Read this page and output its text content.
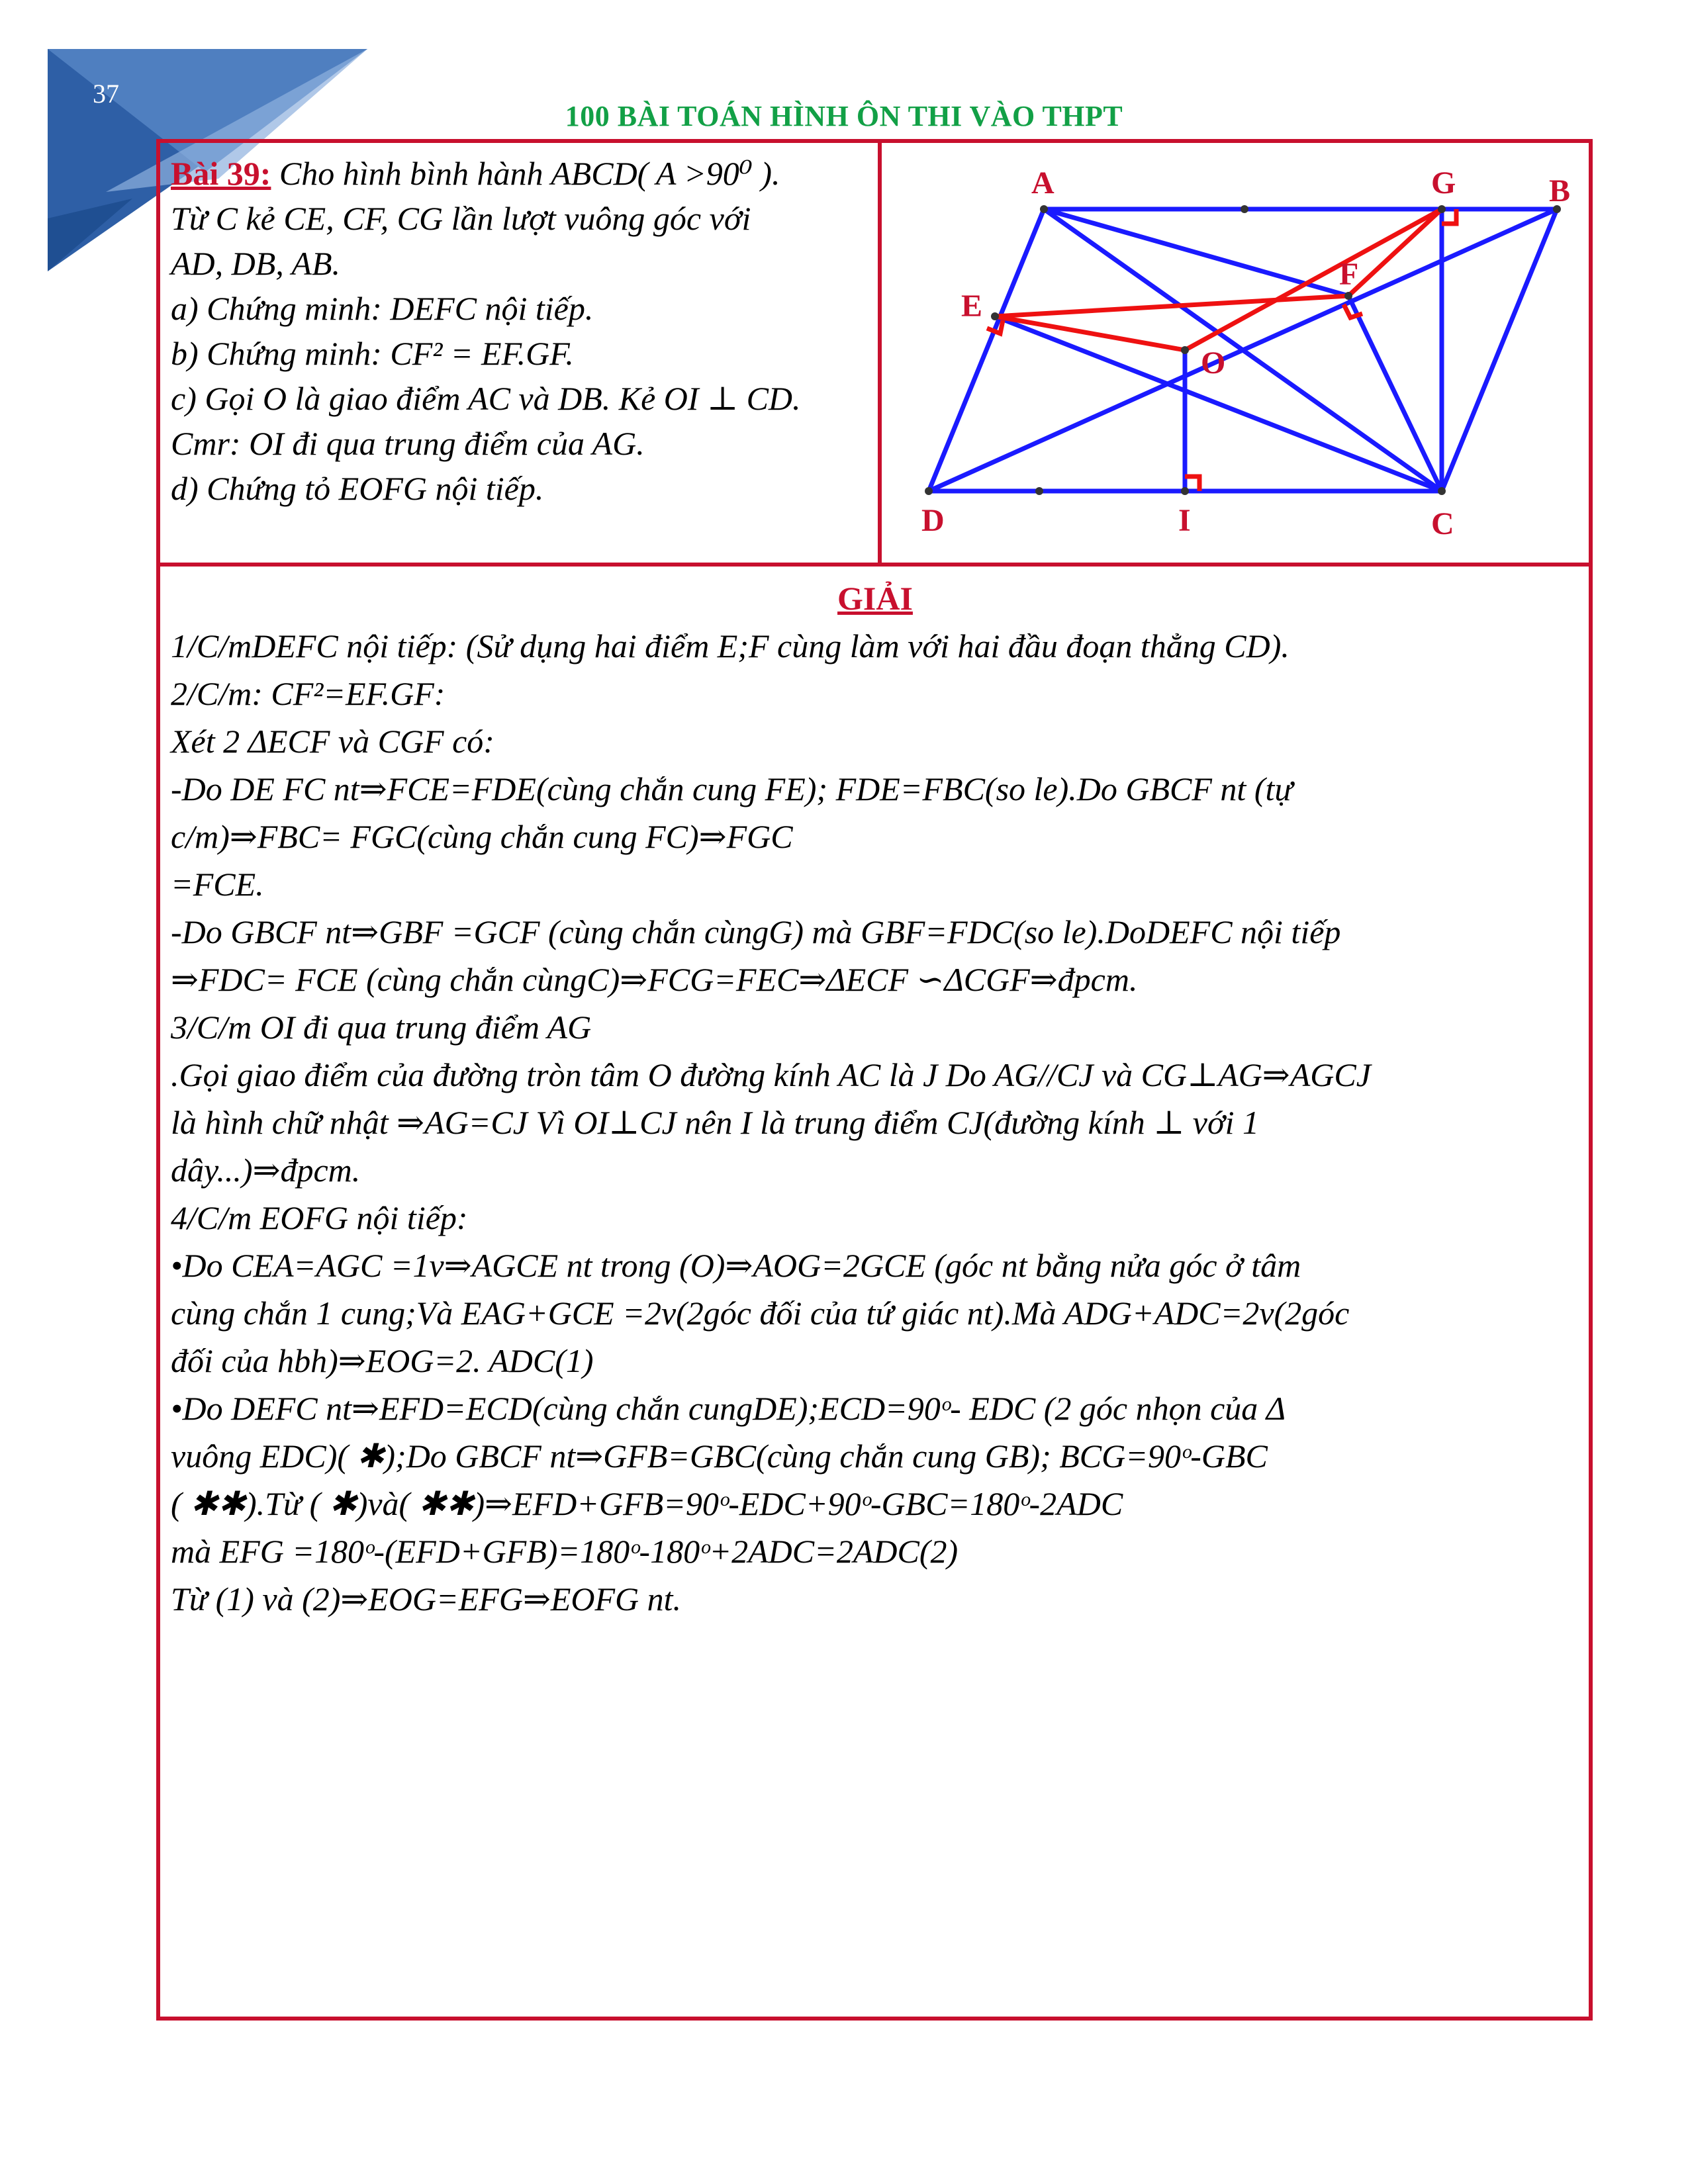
37
100 BÀI TOÁN HÌNH ÔN THI VÀO THPT

Bài 39: Cho hình bình hành ABCD( A >90⁰ ).

Từ C kẻ CE, CF, CG lần lượt vuông góc với

AD, DB, AB.

a) Chứng minh: DEFC nội tiếp.

b) Chứng minh: CF² = EF.GF.

c) Gọi O là giao điểm AC và DB. Kẻ OI ⊥ CD.

Cmr: OI đi qua trung điểm của AG.

d) Chứng tỏ EOFG nội tiếp.

A	G	B
E
F
O
D	I	C

GIẢI

1/C/mDEFC nội tiếp: (Sử dụng hai điểm E;F cùng làm với hai đầu đoạn thẳng CD).

2/C/m: CF²=EF.GF:

Xét 2 ΔECF và CGF có:

-Do DE FC nt⇒FCE=FDE(cùng chắn cung FE); FDE=FBC(so le).Do GBCF nt (tự

c/m)⇒FBC= FGC(cùng chắn cung FC)⇒FGC

=FCE.

-Do GBCF nt⇒GBF =GCF (cùng chắn cùngG) mà GBF=FDC(so le).DoDEFC nội tiếp

⇒FDC= FCE (cùng chắn cùngC)⇒FCG=FEC⇒ΔECF ∽ΔCGF⇒đpcm.

3/C/m OI đi qua trung điểm AG

.Gọi giao điểm của đường tròn tâm O đường kính AC là J Do AG//CJ và CG⊥AG⇒AGCJ

là hình chữ nhật ⇒AG=CJ Vì OI⊥CJ nên I là trung điểm CJ(đường kính ⊥ với 1

dây...)⇒đpcm.

4/C/m EOFG nội tiếp:

•Do CEA=AGC =1v⇒AGCE nt trong (O)⇒AOG=2GCE (góc nt bằng nửa góc ở tâm

cùng chắn 1 cung;Và EAG+GCE =2v(2góc đối của tứ giác nt).Mà ADG+ADC=2v(2góc

đối của hbh)⇒EOG=2. ADC(1)

•Do DEFC nt⇒EFD=ECD(cùng chắn cungDE);ECD=90ᵒ- EDC (2 góc nhọn của Δ

vuông EDC)( ✱);Do GBCF nt⇒GFB=GBC(cùng chắn cung GB); BCG=90ᵒ-GBC

( ✱✱).Từ ( ✱)và( ✱✱)⇒EFD+GFB=90ᵒ-EDC+90ᵒ-GBC=180ᵒ-2ADC

mà EFG =180ᵒ-(EFD+GFB)=180ᵒ-180ᵒ+2ADC=2ADC(2)

Từ (1) và (2)⇒EOG=EFG⇒EOFG nt.
